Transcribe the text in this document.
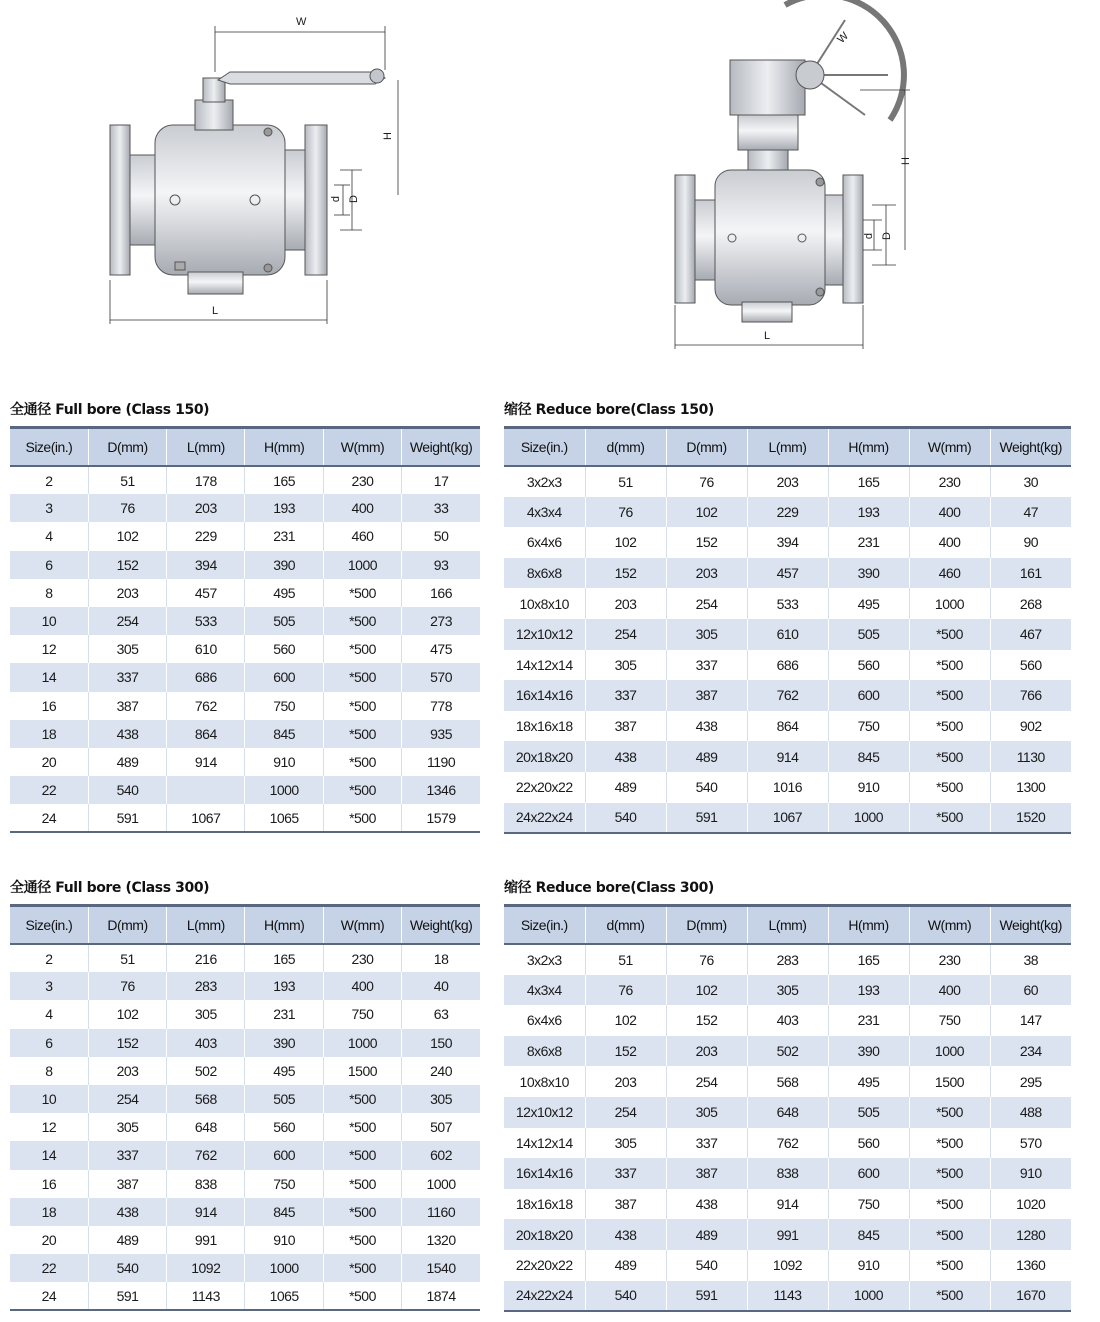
W
H
d D
L
W
H
d D
L
全通径 Full bore (Class 150)	缩径 Reduce bore(Class 150)
全通径 Full bore (Class 300)	缩径 Reduce bore(Class 300)
Size(in.)	D(mm)	L(mm)	H(mm)	W(mm)	Weight(kg)
2	51	178	165	230	17
3	76	203	193	400	33
4	102	229	231	460	50
6	152	394	390	1000	93
8	203	457	495	*500	166
10	254	533	505	*500	273
12	305	610	560	*500	475
14	337	686	600	*500	570
16	387	762	750	*500	778
18	438	864	845	*500	935
20	489	914	910	*500	1190
22	540		1000	*500	1346
24	591	1067	1065	*500	1579
Size(in.)	d(mm)	D(mm)	L(mm)	H(mm)	W(mm)	Weight(kg)
3x2x3	51	76	203	165	230	30
4x3x4	76	102	229	193	400	47
6x4x6	102	152	394	231	400	90
8x6x8	152	203	457	390	460	161
10x8x10	203	254	533	495	1000	268
12x10x12	254	305	610	505	*500	467
14x12x14	305	337	686	560	*500	560
16x14x16	337	387	762	600	*500	766
18x16x18	387	438	864	750	*500	902
20x18x20	438	489	914	845	*500	1130
22x20x22	489	540	1016	910	*500	1300
24x22x24	540	591	1067	1000	*500	1520
Size(in.)	D(mm)	L(mm)	H(mm)	W(mm)	Weight(kg)
2	51	216	165	230	18
3	76	283	193	400	40
4	102	305	231	750	63
6	152	403	390	1000	150
8	203	502	495	1500	240
10	254	568	505	*500	305
12	305	648	560	*500	507
14	337	762	600	*500	602
16	387	838	750	*500	1000
18	438	914	845	*500	1160
20	489	991	910	*500	1320
22	540	1092	1000	*500	1540
24	591	1143	1065	*500	1874
Size(in.)	d(mm)	D(mm)	L(mm)	H(mm)	W(mm)	Weight(kg)
3x2x3	51	76	283	165	230	38
4x3x4	76	102	305	193	400	60
6x4x6	102	152	403	231	750	147
8x6x8	152	203	502	390	1000	234
10x8x10	203	254	568	495	1500	295
12x10x12	254	305	648	505	*500	488
14x12x14	305	337	762	560	*500	570
16x14x16	337	387	838	600	*500	910
18x16x18	387	438	914	750	*500	1020
20x18x20	438	489	991	845	*500	1280
22x20x22	489	540	1092	910	*500	1360
24x22x24	540	591	1143	1000	*500	1670
